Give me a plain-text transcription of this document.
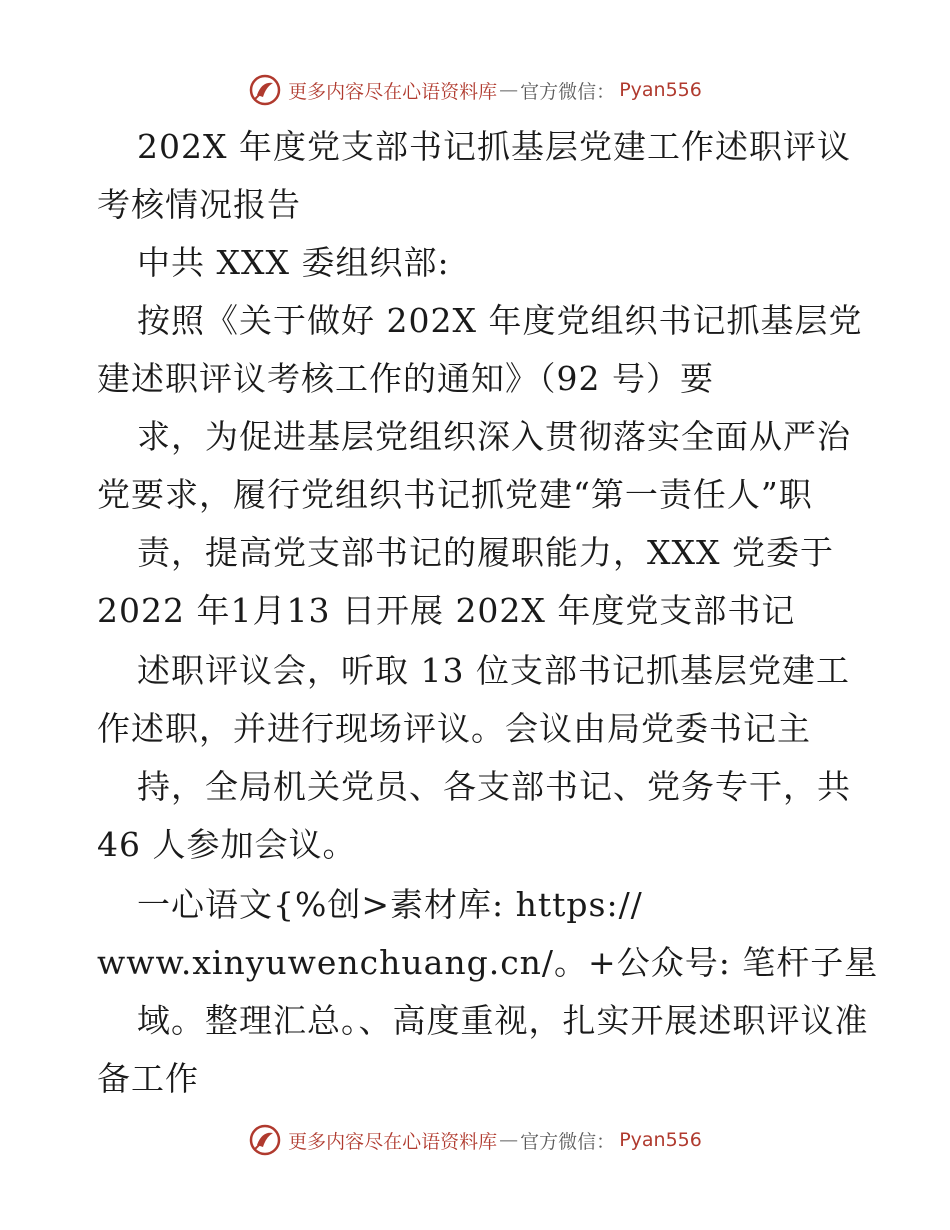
更多内容尽在心语资料库 — 官方微信： Pyan556
202X 年度党支部书记抓基层党建工作述职评议
考核情况报告
中共 XXX 委组织部:
按照《关于做好 202X 年度党组织书记抓基层党
建述职评议考核工作的通知》（92 号）要
求，为促进基层党组织深入贯彻落实全面从严治
党要求，履行党组织书记抓党建“第一责任人”职
责，提高党支部书记的履职能力，XXX 党委于
2022 年1月13 日开展 202X 年度党支部书记
述职评议会，听取 13 位支部书记抓基层党建工
作述职，并进行现场评议。会议由局党委书记主
持，全局机关党员、各支部书记、党务专干，共
46 人参加会议。
一心语文{%创>素材库: https://
www.xinyuwenchuang.cn/。+公众号: 笔杆子星
域。整理汇总。、高度重视，扎实开展述职评议准
备工作
更多内容尽在心语资料库 — 官方微信： Pyan556
